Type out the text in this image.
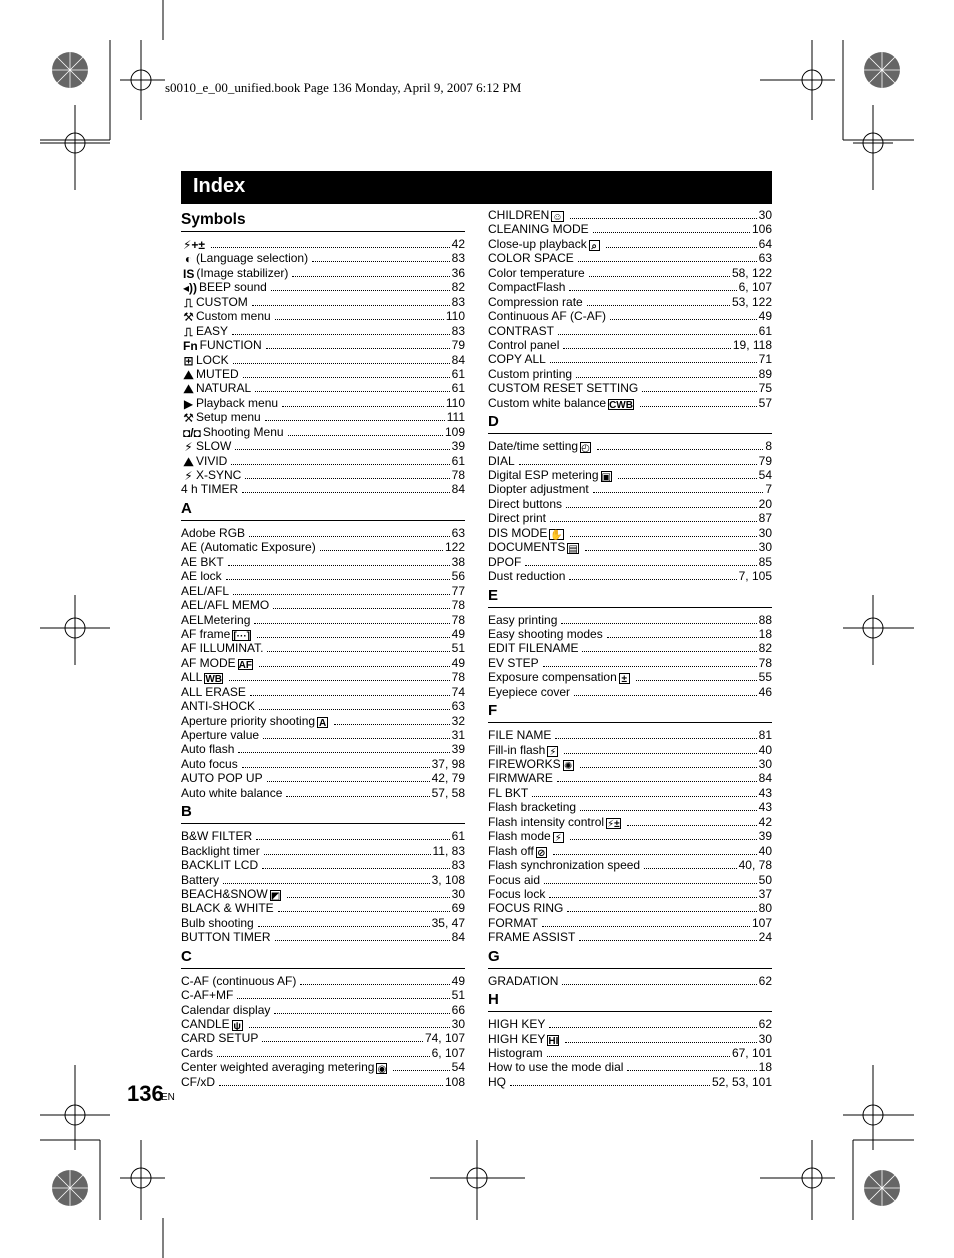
s0010_e_00_unified.book Page 136 Monday, April 9, 2007 6:12 PM
Index
Symbols
⚡+±	42
◐ (Language selection)	83
IS (Image stabilizer)	36
◂)) BEEP sound	82
⎍ CUSTOM	83
⚒ Custom menu	110
⎍ EASY	83
Fn FUNCTION	79
⊞ LOCK	84
⛰ MUTED	61
⛰ NATURAL	61
▶ Playback menu	110
⚒ Setup menu	111
◘/◘ Shooting Menu	109
⚡ SLOW	39
⛰ VIVID	61
⚡ X-SYNC	78
4 h TIMER	84
A
Adobe RGB	63
AE (Automatic Exposure)	122
AE BKT	38
AE lock	56
AEL/AFL	77
AEL/AFL MEMO	78
AELMetering	78
AF frame [···]	49
AF ILLUMINAT.	51
AF MODE AF	49
ALL WB	78
ALL ERASE	74
ANTI-SHOCK	63
Aperture priority shooting A	32
Aperture value	31
Auto flash	39
Auto focus	37, 98
AUTO POP UP	42, 79
Auto white balance	57, 58
B
B&W FILTER	61
Backlight timer	11, 83
BACKLIT LCD	83
Battery	3, 108
BEACH&SNOW ◩	30
BLACK & WHITE	69
Bulb shooting	35, 47
BUTTON TIMER	84
C
C-AF (continuous AF)	49
C-AF+MF	51
Calendar display	66
CANDLE ψ	30
CARD SETUP	74, 107
Cards	6, 107
Center weighted averaging metering ◉	54
CF/xD	108
CHILDREN ☺	30
CLEANING MODE	106
Close-up playback ⌕	64
COLOR SPACE	63
Color temperature	58, 122
CompactFlash	6, 107
Compression rate	53, 122
Continuous AF (C-AF)	49
CONTRAST	61
Control panel	19, 118
COPY ALL	71
Custom printing	89
CUSTOM RESET SETTING	75
Custom white balance CWB	57
D
Date/time setting ◴	8
DIAL	79
Digital ESP metering ▣	54
Diopter adjustment	7
Direct buttons	20
Direct print	87
DIS MODE ✋	30
DOCUMENTS ▤	30
DPOF	85
Dust reduction	7, 105
E
Easy printing	88
Easy shooting modes	18
EDIT FILENAME	82
EV STEP	78
Exposure compensation ±	55
Eyepiece cover	46
F
FILE NAME	81
Fill-in flash ⚡	40
FIREWORKS ✺	30
FIRMWARE	84
FL BKT	43
Flash bracketing	43
Flash intensity control ⚡±	42
Flash mode ⚡	39
Flash off ⊘	40
Flash synchronization speed	40, 78
Focus aid	50
Focus lock	37
FOCUS RING	80
FORMAT	107
FRAME ASSIST	24
G
GRADATION	62
H
HIGH KEY	62
HIGH KEY HI	30
Histogram	67, 101
How to use the mode dial	18
HQ	52, 53, 101
136
EN
